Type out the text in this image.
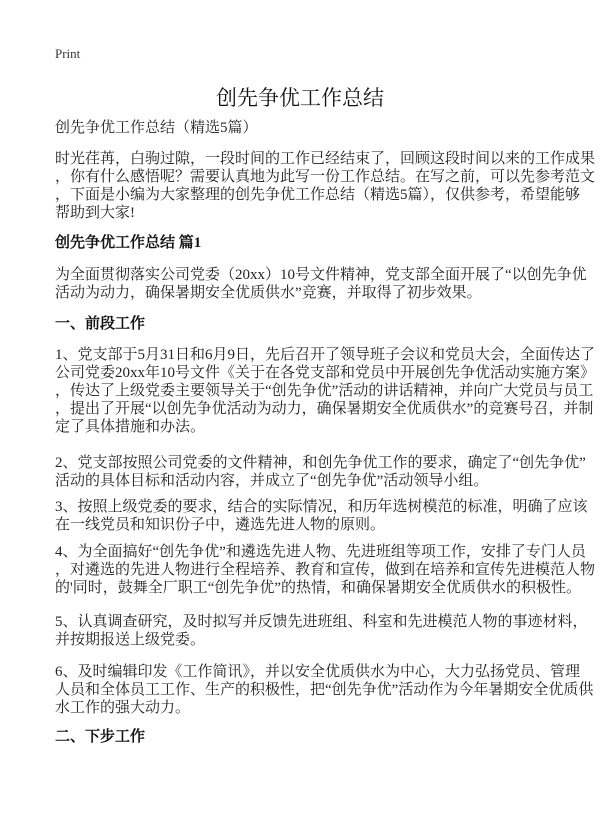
Print
创先争优工作总结
创先争优工作总结（精选5篇）
时光荏苒，白驹过隙，一段时间的工作已经结束了，回顾这段时间以来的工作成果
，你有什么感悟呢？需要认真地为此写一份工作总结。在写之前，可以先参考范文
，下面是小编为大家整理的创先争优工作总结（精选5篇），仅供参考，希望能够
帮助到大家!
创先争优工作总结 篇1
为全面贯彻落实公司党委（20xx）10号文件精神，党支部全面开展了“以创先争优
活动为动力，确保暑期安全优质供水”竞赛，并取得了初步效果。
一、前段工作
1、党支部于5月31日和6月9日，先后召开了领导班子会议和党员大会，全面传达了
公司党委20xx年10号文件《关于在各党支部和党员中开展创先争优活动实施方案》
，传达了上级党委主要领导关于“创先争优”活动的讲话精神，并向广大党员与员工
，提出了开展“以创先争优活动为动力，确保暑期安全优质供水”的竞赛号召，并制
定了具体措施和办法。
2、党支部按照公司党委的文件精神，和创先争优工作的要求，确定了“创先争优”
活动的具体目标和活动内容，并成立了“创先争优”活动领导小组。
3、按照上级党委的要求，结合的实际情况，和历年选树模范的标准，明确了应该
在一线党员和知识份子中，遴选先进人物的原则。
4、为全面搞好“创先争优”和遴选先进人物、先进班组等项工作，安排了专门人员
，对遴选的先进人物进行全程培养、教育和宣传，做到在培养和宣传先进模范人物
的'同时，鼓舞全厂职工“创先争优”的热情，和确保暑期安全优质供水的积极性。
5、认真调查研究，及时拟写并反馈先进班组、科室和先进模范人物的事迹材料，
并按期报送上级党委。
6、及时编辑印发《工作简讯》，并以安全优质供水为中心，大力弘扬党员、管理
人员和全体员工工作、生产的积极性，把“创先争优”活动作为今年暑期安全优质供
水工作的强大动力。
二、下步工作
